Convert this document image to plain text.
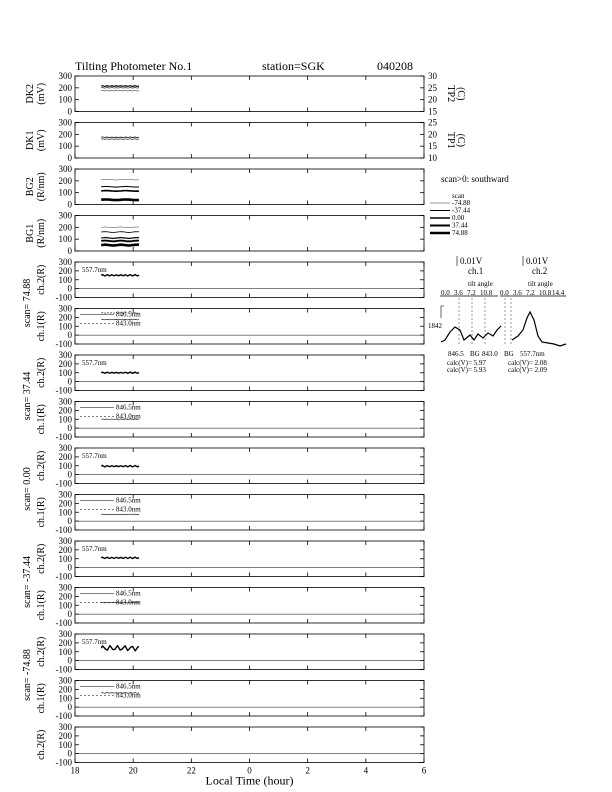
Tilting Photometer No.1	station=SGK	040208
0
100
200
300
DK2 (mV)
0
100
200
300
DK1 (mV)
0
100
200
300
BG2 (R/nm)
0
100
200
300
BG1 (R/nm)
-100
0
100
200
300
ch.2(R)
-100
0
100
200
300
ch.1(R)
-100
0
100
200
300
ch.2(R)
-100
0
100
200
300
ch.1(R)
-100
0
100
200
300
ch.2(R)
-100
0
100
200
300
ch.1(R)
-100
0
100
200
300
ch.2(R)
-100
0
100
200
300
ch.1(R)
-100
0
100
200
300
ch.2(R)
-100
0
100
200
300
ch.1(R)
-100
0
100
200
300
ch.2(R)
scan= 74.88
scan= 37.44
scan= 0.00
scan= -37.44
scan= -74.88
18	20	22	0	2	4	6
Local Time (hour)
30
25
20
15
25
20
15
10
TP2 (C)
TP1 (C)
557.7nm
846.5nm
843.0nm
557.7nm
846.5nm
843.0nm
557.7nm
846.5nm
843.0nm
557.7nm
846.5nm
843.0nm
557.7nm
846.5nm
843.0nm
scan>0: southward
scan
-74.88
-37.44
0.00
37.44
74.88
0.01V
ch.1
0.01V
ch.2
tilt angle	tilt angle
0.0 3.6 7.2 10.8 0.0 3.6 7.2 10.8 14.4
1842
846.5 BG 843.0 BG 557.7nm
calc(V)= 5.97
calc(V)= 5.93
calc(V)= 2.08
calc(V)= 2.09
